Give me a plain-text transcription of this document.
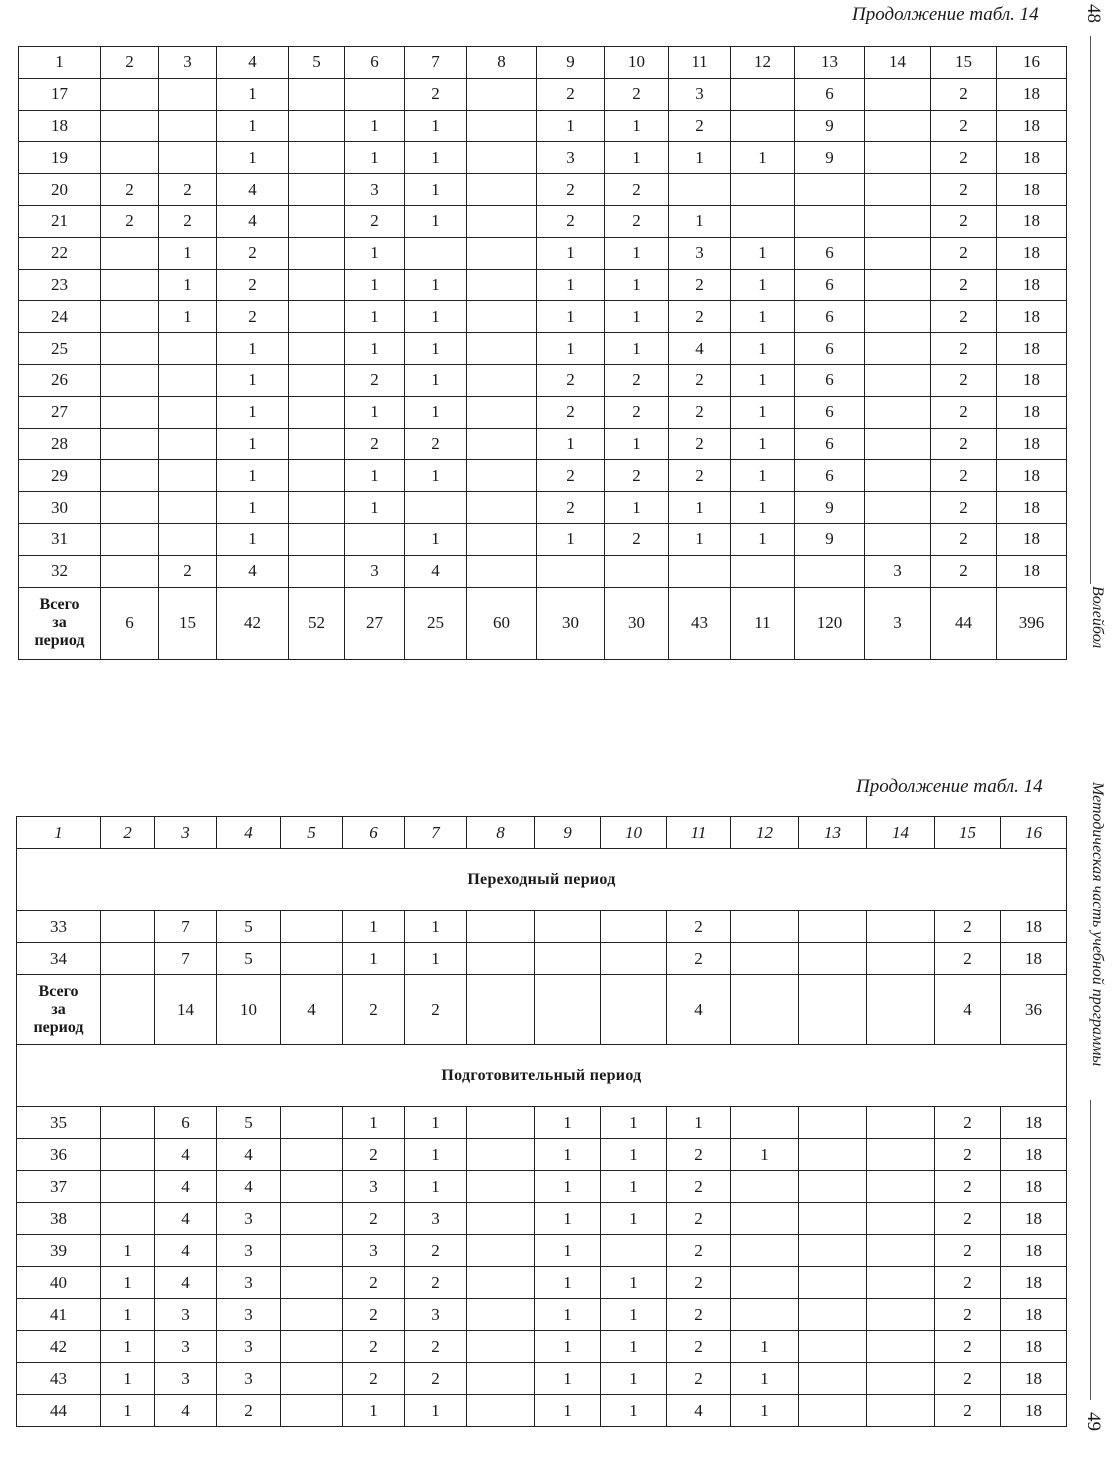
Продолжение табл. 14 48
Волейбол
1	2	3	4	5	6	7	8	9	10	11	12	13	14	15	16
17			1			2		2	2	3		6		2	18
18			1		1	1		1	1	2		9		2	18
19			1		1	1		3	1	1	1	9		2	18
20	2	2	4		3	1		2	2					2	18
21	2	2	4		2	1		2	2	1				2	18
22		1	2		1			1	1	3	1	6		2	18
23		1	2		1	1		1	1	2	1	6		2	18
24		1	2		1	1		1	1	2	1	6		2	18
25			1		1	1		1	1	4	1	6		2	18
26			1		2	1		2	2	2	1	6		2	18
27			1		1	1		2	2	2	1	6		2	18
28			1		2	2		1	1	2	1	6		2	18
29			1		1	1		2	2	2	1	6		2	18
30			1		1			2	1	1	1	9		2	18
31			1			1		1	2	1	1	9		2	18
32		2	4		3	4							3	2	18

Всего
за
период	6	15	42	52	27	25	60	30	30	43	11	120	3	44	396
Продолжение табл. 14	Методическая часть учебной программы
49
1	2	3	4	5	6	7	8	9	10	11	12	13	14	15	16
Переходный период															
33		7	5		1	1				2				2	18
34		7	5		1	1				2				2	18

Всего
за
период		14	10	4	2	2				4				4	36
Подготовительный период															
35		6	5		1	1		1	1	1				2	18
36		4	4		2	1		1	1	2	1			2	18
37		4	4		3	1		1	1	2				2	18
38		4	3		2	3		1	1	2				2	18
39	1	4	3		3	2		1		2				2	18
40	1	4	3		2	2		1	1	2				2	18
41	1	3	3		2	3		1	1	2				2	18
42	1	3	3		2	2		1	1	2	1			2	18
43	1	3	3		2	2		1	1	2	1			2	18
44	1	4	2		1	1		1	1	4	1			2	18
